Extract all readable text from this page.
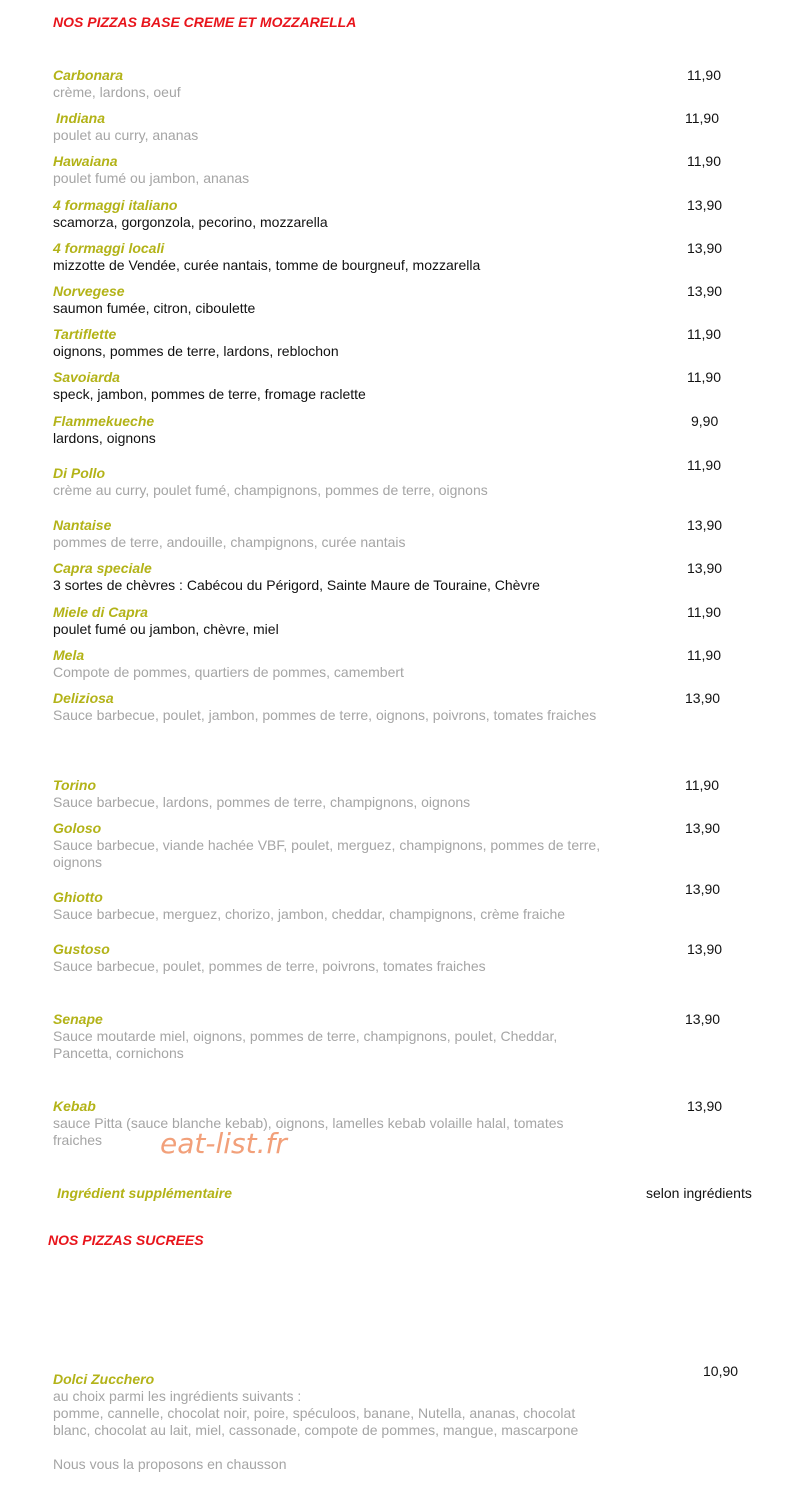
NOS PIZZAS BASE CREME ET MOZZARELLA
Carbonara
crème, lardons, oeuf
11,90
Indiana
poulet au curry, ananas
11,90
Hawaiana
poulet fumé ou jambon, ananas
11,90
4 formaggi italiano
scamorza, gorgonzola, pecorino, mozzarella
13,90
4 formaggi locali
mizzotte de Vendée, curée nantais, tomme de bourgneuf, mozzarella
13,90
Norvegese
saumon fumée, citron, ciboulette
13,90
Tartiflette
oignons, pommes de terre, lardons, reblochon
11,90
Savoiarda
speck, jambon, pommes de terre, fromage raclette
11,90
Flammekueche
lardons, oignons
9,90
Di Pollo
crème au curry, poulet fumé, champignons, pommes de terre, oignons
11,90
Nantaise
pommes de terre, andouille, champignons, curée nantais
13,90
Capra speciale
3 sortes de chèvres : Cabécou du Périgord, Sainte Maure de Touraine, Chèvre
13,90
Miele di Capra
poulet fumé ou jambon, chèvre, miel
11,90
Mela
Compote de pommes, quartiers de pommes, camembert
11,90
Deliziosa
Sauce barbecue, poulet, jambon, pommes de terre, oignons, poivrons, tomates fraiches
13,90
Torino
Sauce barbecue, lardons, pommes de terre, champignons, oignons
11,90
Goloso
Sauce barbecue, viande hachée VBF, poulet, merguez, champignons, pommes de terre, oignons
13,90
Ghiotto
Sauce barbecue, merguez, chorizo, jambon, cheddar, champignons, crème fraiche
13,90
Gustoso
Sauce barbecue, poulet, pommes de terre, poivrons, tomates fraiches
13,90
Senape
Sauce moutarde miel, oignons, pommes de terre, champignons, poulet, Cheddar, Pancetta, cornichons
13,90
Kebab
sauce Pitta (sauce blanche kebab), oignons, lamelles kebab volaille halal, tomates fraiches
13,90
Ingrédient supplémentaire	selon ingrédients
eat-list.fr
NOS PIZZAS SUCREES
Dolci Zucchero	10,90
au choix parmi les ingrédients suivants :
pomme, cannelle, chocolat noir, poire, spéculoos, banane, Nutella, ananas, chocolat blanc, chocolat au lait, miel, cassonade, compote de pommes, mangue, mascarpone
Nous vous la proposons en chausson
